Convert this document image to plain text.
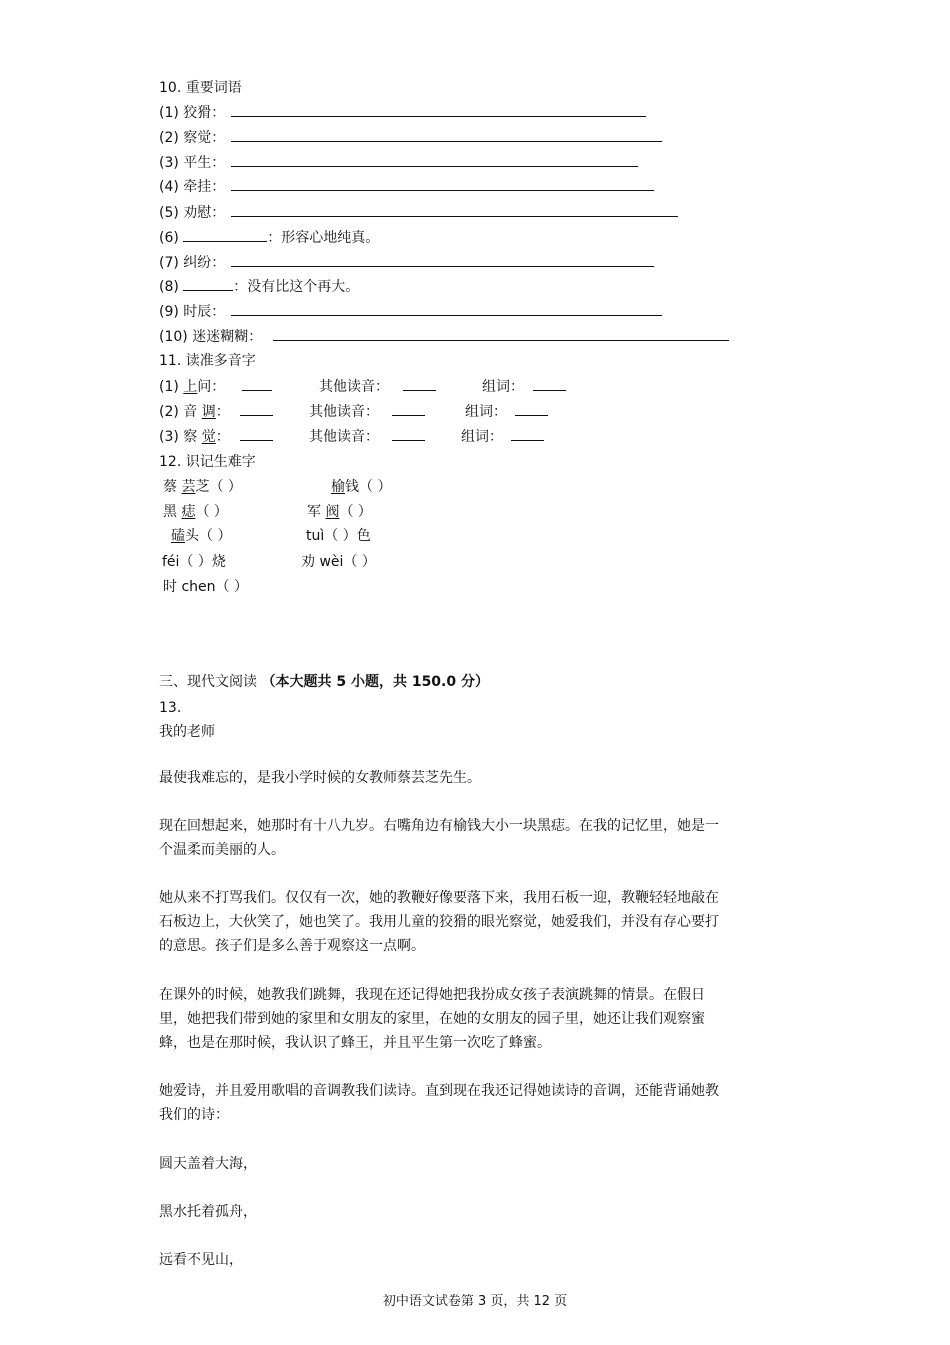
10. 重要词语
(1) 狡猾：
(2) 察觉：
(3) 平生：
(4) 牵挂：
(5) 劝慰：
(6)	：形容心地纯真。
(7) 纠纷：
(8)	：没有比这个再大。
(9) 时辰：
(10) 迷迷糊糊：
11. 读准多音字
(1) 上问：	其他读音：	组词：
(2) 音 调：	其他读音：	组词：
(3) 察 觉：	其他读音：	组词：
12. 识记生难字
蔡 芸芝（ ）	榆钱（ ）
黑 痣（ ）	军 阀（ ）
磕头（ ）	tuì（ ）色
féi（ ）烧	劝 wèi（ ）
时 chen（ ）
三、现代文阅读 （本大题共 5 小题，共 150.0 分）
13.
我的老师
最使我难忘的，是我小学时候的女教师蔡芸芝先生。
现在回想起来，她那时有十八九岁。右嘴角边有榆钱大小一块黑痣。在我的记忆里，她是一个温柔而美丽的人。
她从来不打骂我们。仅仅有一次，她的教鞭好像要落下来，我用石板一迎，教鞭轻轻地敲在石板边上，大伙笑了，她也笑了。我用儿童的狡猾的眼光察觉，她爱我们，并没有存心要打的意思。孩子们是多么善于观察这一点啊。
在课外的时候，她教我们跳舞，我现在还记得她把我扮成女孩子表演跳舞的情景。在假日里，她把我们带到她的家里和女朋友的家里，在她的女朋友的园子里，她还让我们观察蜜蜂，也是在那时候，我认识了蜂王，并且平生第一次吃了蜂蜜。
她爱诗，并且爱用歌唱的音调教我们读诗。直到现在我还记得她读诗的音调，还能背诵她教我们的诗：
圆天盖着大海，
黑水托着孤舟，
远看不见山，
初中语文试卷第 3 页，共 12 页
